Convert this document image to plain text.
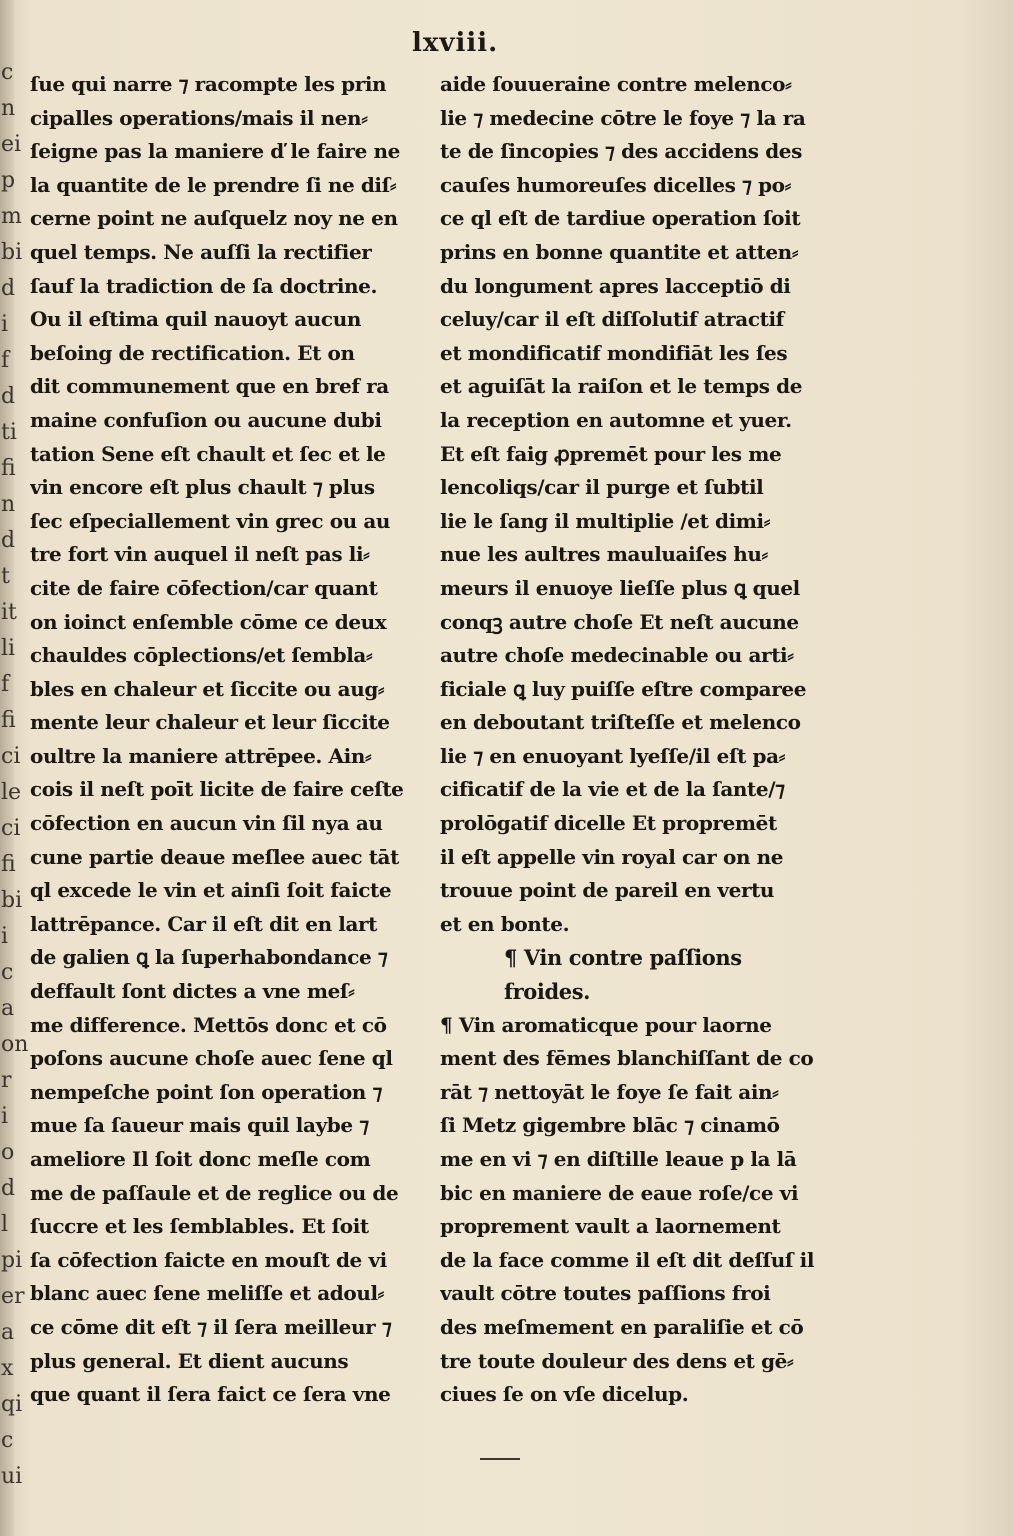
c
n
ei
p
m
bi
d
i
f
d
ti
fi
n
d
t
it
li
f
fi
ci
le
ci
fi
bi
i
c
a
on
r
i
o
d
l
pi
er
a
x
qi
c
ui
lxviii.
ſue qui narre ⁊ racompte les prin
cipalles operations/mais il nen⸗
ſeigne pas la maniere ď le faire ne
la quantite de le prendre ſi ne diſ⸗
cerne point ne auſquelz noy ne en
quel temps. Ne auſſi la rectifier
ſauf la tradiction de ſa doctrine.
Ou il eſtima quil nauoyt aucun
beſoing de rectification. Et on
dit communement que en bref ra
maine confuſion ou aucune dubi
tation Sene eſt chault et ſec et le
vin encore eſt plus chault ⁊ plus
ſec eſpeciallement vin grec ou au
tre fort vin auquel il neſt pas li⸗
cite de faire cōfection/car quant
on ioinct enſemble cōme ce deux
chauldes cōplections/et ſembla⸗
bles en chaleur et ſiccite ou aug⸗
mente leur chaleur et leur ſiccite
oultre la maniere attrēpee. Ain⸗
cois il neſt poīt licite de faire ceſte
cōfection en aucun vin ſil nya au
cune partie deaue meſlee auec tāt
ql excede le vin et ainſi ſoit faicte
lattrēpance. Car il eſt dit en lart
de galien ꝗ la ſuperhabondance ⁊
deffault ſont dictes a vne meſ⸗
me difference. Mettōs donc et cō
poſons aucune choſe auec ſene ql
nempeſche point ſon operation ⁊
mue ſa ſaueur mais quil laybe ⁊
ameliore Il ſoit donc meſle com
me de paſſaule et de reglice ou de
ſuccre et les ſemblables. Et ſoit
ſa cōfection faicte en mouſt de vi
blanc auec ſene meliſſe et adoul⸗
ce cōme dit eſt ⁊ il ſera meilleur ⁊
plus general. Et dient aucuns
que quant il ſera faict ce ſera vne
aide ſouueraine contre melenco⸗
lie ⁊ medecine cōtre le foye ⁊ la ra
te de ſincopies ⁊ des accidens des
cauſes humoreuſes dicelles ⁊ po⸗
ce ql eſt de tardiue operation ſoit
prins en bonne quantite et atten⸗
du longument apres lacceptiō di
celuy/car il eſt diſſolutif atractif
et mondificatif mondifiāt les ſes
et aguiſāt la raiſon et le temps de
la reception en automne et yuer.
Et eſt faig ꝓpremēt pour les me
lencoliqs/car il purge et ſubtil
lie le ſang il multiplie /et dimi⸗
nue les aultres mauluaiſes hu⸗
meurs il enuoye lieſſe plus ꝗ quel
conqꝫ autre choſe Et neſt aucune
autre choſe medecinable ou arti⸗
ficiale ꝗ luy puiſſe eſtre comparee
en deboutant triſteſſe et melenco
lie ⁊ en enuoyant lyeſſe/il eſt pa⸗
cificatif de la vie et de la ſante/⁊
prolōgatif dicelle Et propremēt
il eſt appelle vin royal car on ne
trouue point de pareil en vertu
et en bonte.
¶ Vin contre paſſions
froides.
¶ Vin aromaticque pour laorne
ment des fēmes blanchiſſant de co
rāt ⁊ nettoyāt le foye ſe fait ain⸗
ſi Metz gigembre blāc ⁊ cinamō
me en vi ⁊ en diſtille leaue p la lā
bic en maniere de eaue roſe/ce vi
proprement vault a laornement
de la face comme il eſt dit deſſuſ il
vault cōtre toutes paſſions froi
des meſmement en paraliſie et cō
tre toute douleur des dens et gē⸗
ciues ſe on vſe dicelup.
